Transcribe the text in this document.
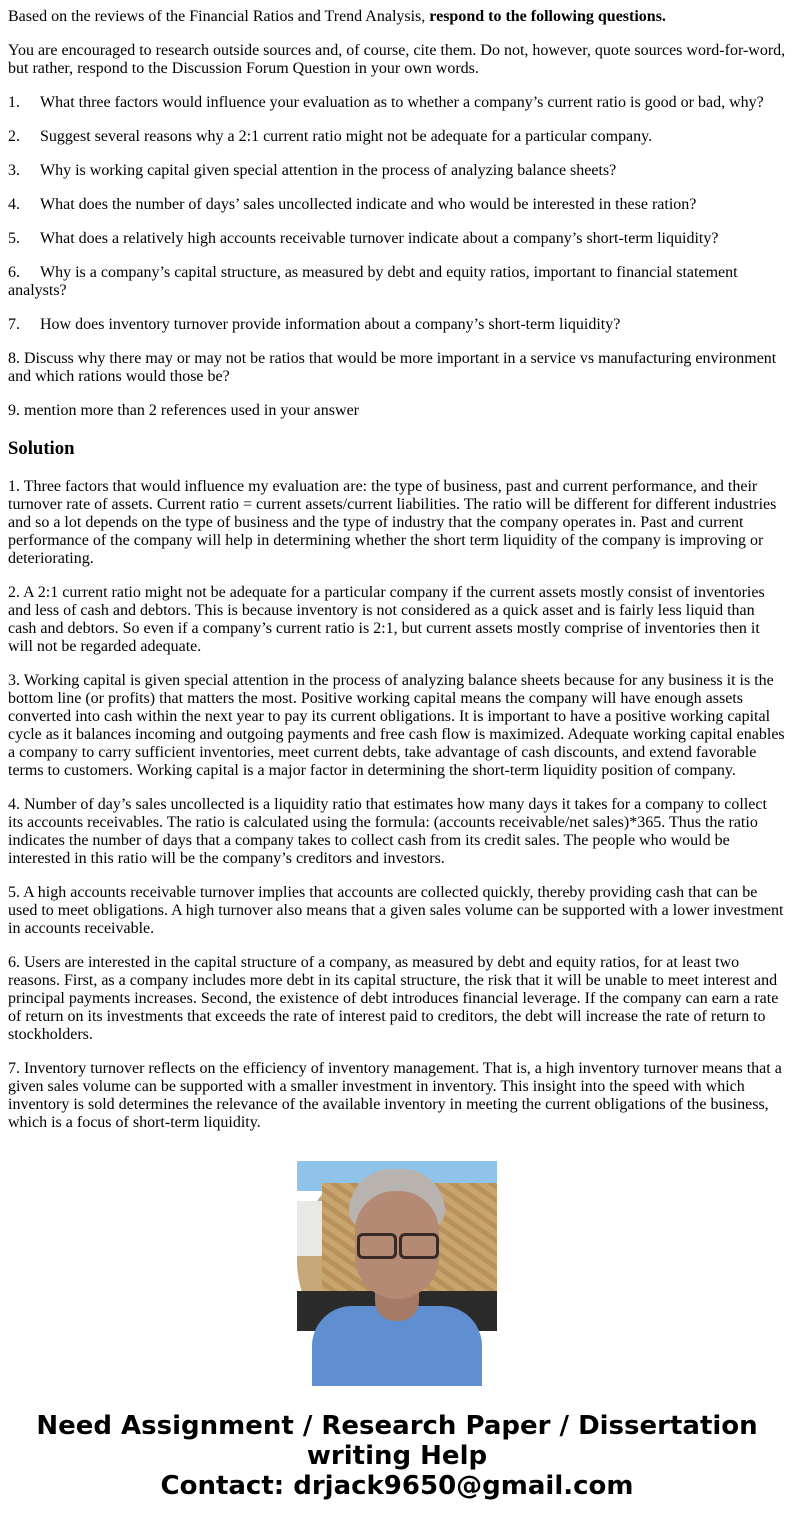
Based on the reviews of the Financial Ratios and Trend Analysis, respond to the following questions.

You are encouraged to research outside sources and, of course, cite them. Do not, however, quote sources word-for-word, but rather, respond to the Discussion Forum Question in your own words.

1. What three factors would influence your evaluation as to whether a company’s current ratio is good or bad, why?

2. Suggest several reasons why a 2:1 current ratio might not be adequate for a particular company.

3. Why is working capital given special attention in the process of analyzing balance sheets?

4. What does the number of days’ sales uncollected indicate and who would be interested in these ration?

5. What does a relatively high accounts receivable turnover indicate about a company’s short-term liquidity?

6. Why is a company’s capital structure, as measured by debt and equity ratios, important to financial statement analysts?

7. How does inventory turnover provide information about a company’s short-term liquidity?

8. Discuss why there may or may not be ratios that would be more important in a service vs manufacturing environment and which rations would those be?

9. mention more than 2 references used in your answer

Solution

1. Three factors that would influence my evaluation are: the type of business, past and current performance, and their turnover rate of assets. Current ratio = current assets/current liabilities. The ratio will be different for different industries and so a lot depends on the type of business and the type of industry that the company operates in. Past and current performance of the company will help in determining whether the short term liquidity of the company is improving or deteriorating.

2. A 2:1 current ratio might not be adequate for a particular company if the current assets mostly consist of inventories and less of cash and debtors. This is because inventory is not considered as a quick asset and is fairly less liquid than cash and debtors. So even if a company’s current ratio is 2:1, but current assets mostly comprise of inventories then it will not be regarded adequate.

3. Working capital is given special attention in the process of analyzing balance sheets because for any business it is the bottom line (or profits) that matters the most. Positive working capital means the company will have enough assets converted into cash within the next year to pay its current obligations. It is important to have a positive working capital cycle as it balances incoming and outgoing payments and free cash flow is maximized. Adequate working capital enables a company to carry sufficient inventories, meet current debts, take advantage of cash discounts, and extend favorable terms to customers. Working capital is a major factor in determining the short-term liquidity position of company.

4. Number of day’s sales uncollected is a liquidity ratio that estimates how many days it takes for a company to collect its accounts receivables. The ratio is calculated using the formula: (accounts receivable/net sales)*365. Thus the ratio indicates the number of days that a company takes to collect cash from its credit sales. The people who would be interested in this ratio will be the company’s creditors and investors.

5. A high accounts receivable turnover implies that accounts are collected quickly, thereby providing cash that can be used to meet obligations. A high turnover also means that a given sales volume can be supported with a lower investment in accounts receivable.

6. Users are interested in the capital structure of a company, as measured by debt and equity ratios, for at least two reasons. First, as a company includes more debt in its capital structure, the risk that it will be unable to meet interest and principal payments increases. Second, the existence of debt introduces financial leverage. If the company can earn a rate of return on its investments that exceeds the rate of interest paid to creditors, the debt will increase the rate of return to stockholders.

7. Inventory turnover reflects on the efficiency of inventory management. That is, a high inventory turnover means that a given sales volume can be supported with a smaller investment in inventory. This insight into the speed with which inventory is sold determines the relevance of the available inventory in meeting the current obligations of the business, which is a focus of short-term liquidity.

Need Assignment / Research Paper / Dissertation writing Help
Contact: drjack9650@gmail.com
